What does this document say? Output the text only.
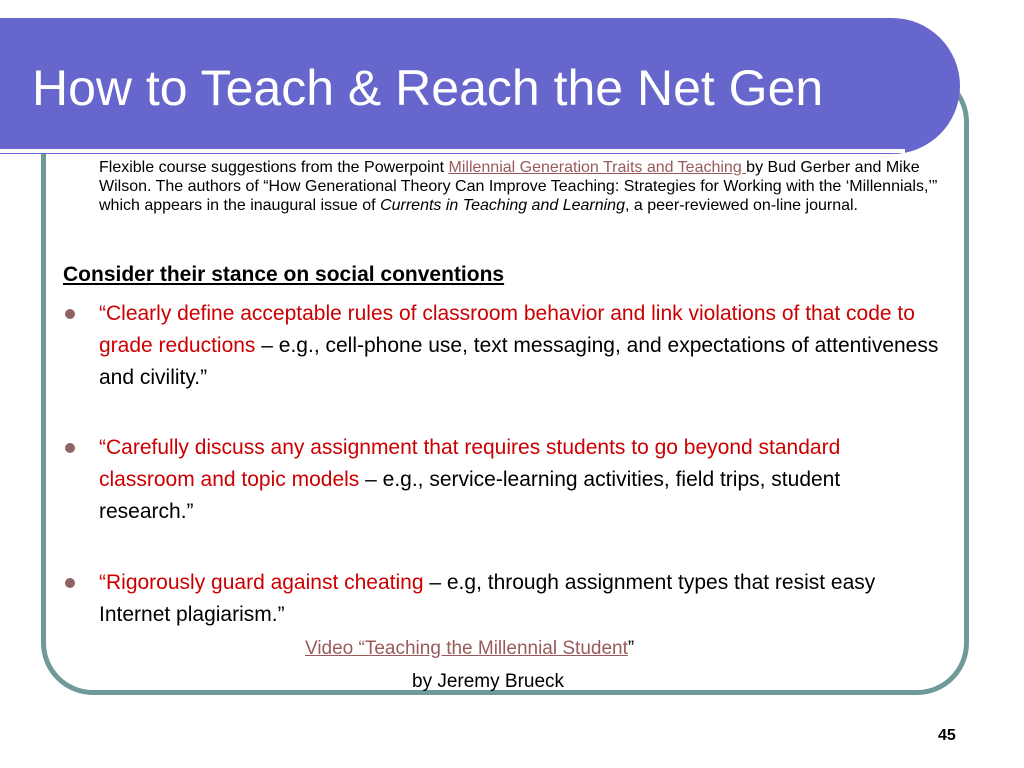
How to Teach & Reach the Net Gen
Flexible course suggestions from the Powerpoint Millennial Generation Traits and Teaching by Bud Gerber and Mike Wilson. The authors of “How Generational Theory Can Improve Teaching: Strategies for Working with the ‘Millennials,’” which appears in the inaugural issue of Currents in Teaching and Learning, a peer-reviewed on-line journal.
Consider their stance on social conventions
“Clearly define acceptable rules of classroom behavior and link violations of that code to grade reductions – e.g., cell-phone use, text messaging, and expectations of attentiveness and civility.”
“Carefully discuss any assignment that requires students to go beyond standard classroom and topic models – e.g., service-learning activities, field trips, student research.”
“Rigorously guard against cheating – e.g, through assignment types that resist easy Internet plagiarism.”
Video “Teaching the Millennial Student”
by Jeremy Brueck
45
